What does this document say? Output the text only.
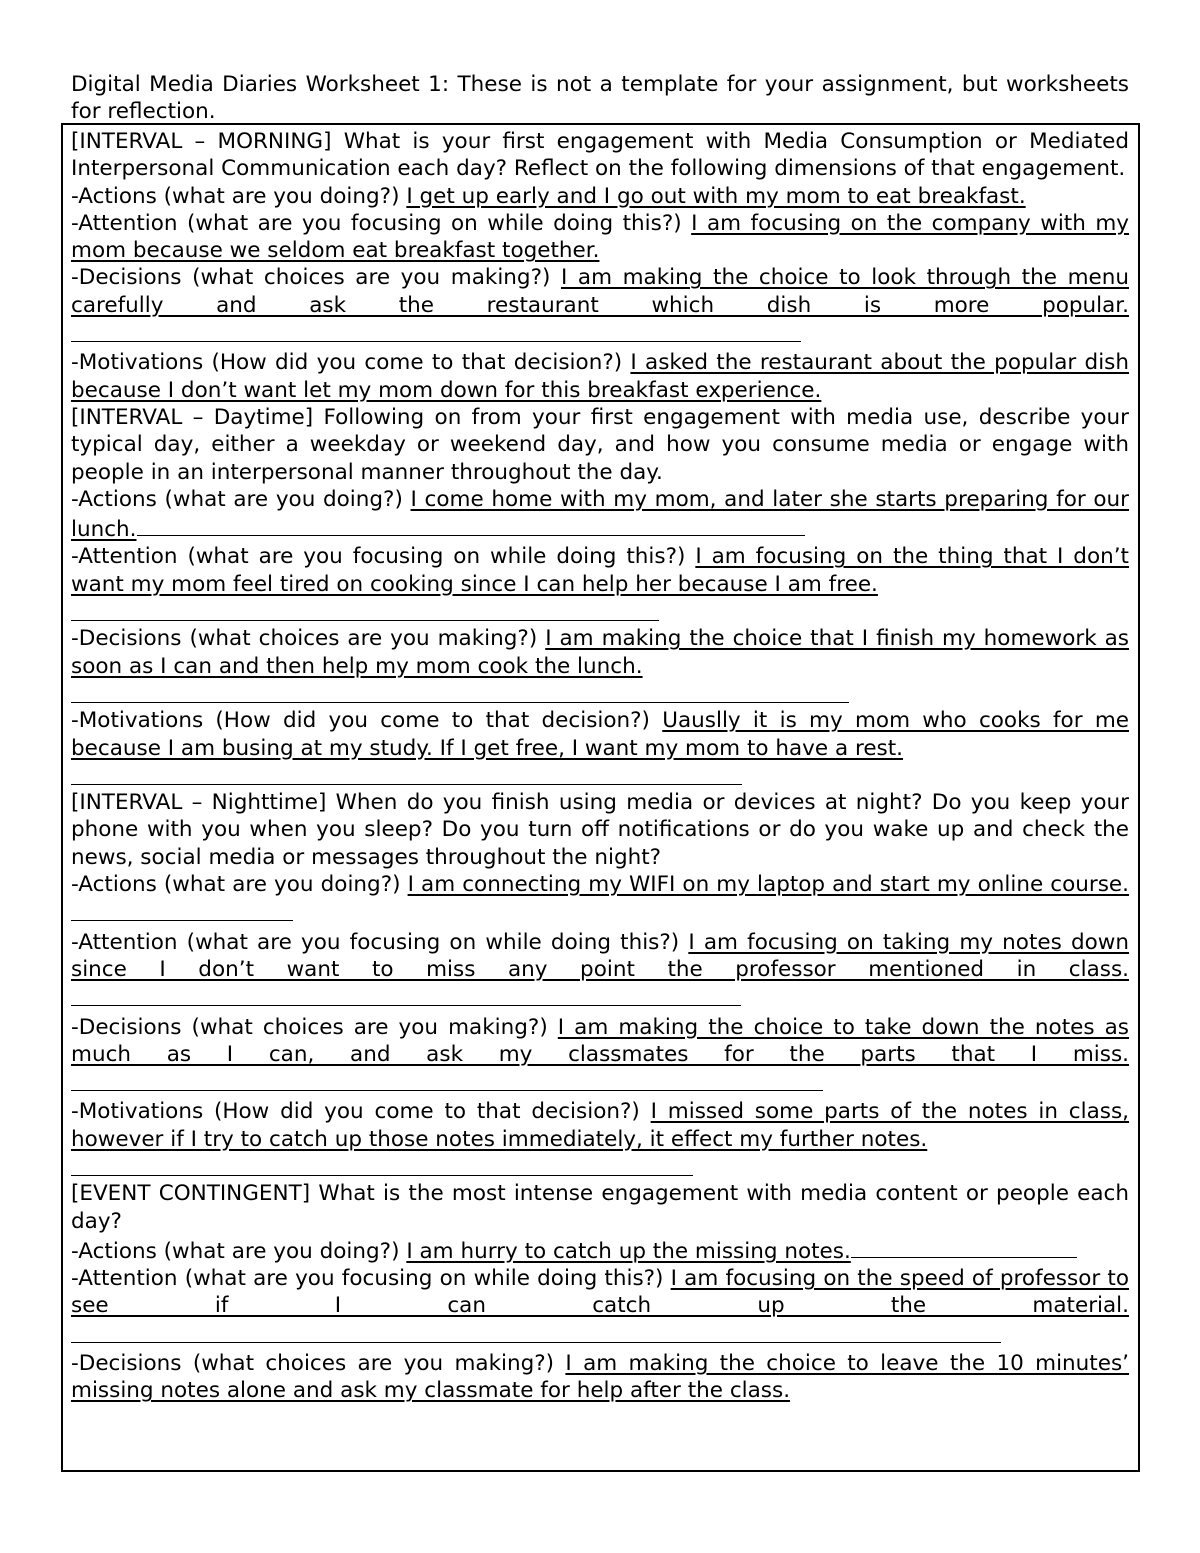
Digital Media Diaries Worksheet 1: These is not a template for your assignment, but worksheets for reflection.

[INTERVAL – MORNING] What is your first engagement with Media Consumption or Mediated Interpersonal Communication each day? Reflect on the following dimensions of that engagement.

-Actions (what are you doing?) I get up early and I go out with my mom to eat breakfast.

-Attention (what are you focusing on while doing this?) I am focusing on the company with my mom because we seldom eat breakfast together.

-Decisions (what choices are you making?) I am making the choice to look through the menu carefully and ask the restaurant which dish is more popular.

-Motivations (How did you come to that decision?) I asked the restaurant about the popular dish because I don’t want let my mom down for this breakfast experience.

[INTERVAL – Daytime] Following on from your first engagement with media use, describe your typical day, either a weekday or weekend day, and how you consume media or engage with people in an interpersonal manner throughout the day.

-Actions (what are you doing?) I come home with my mom, and later she starts preparing for our lunch.

-Attention (what are you focusing on while doing this?) I am focusing on the thing that I don’t want my mom feel tired on cooking since I can help her because I am free.

-Decisions (what choices are you making?) I am making the choice that I finish my homework as soon as I can and then help my mom cook the lunch.

-Motivations (How did you come to that decision?) Uauslly it is my mom who cooks for me because I am busing at my study. If I get free, I want my mom to have a rest.

[INTERVAL – Nighttime] When do you finish using media or devices at night? Do you keep your phone with you when you sleep? Do you turn off notifications or do you wake up and check the news, social media or messages throughout the night?

-Actions (what are you doing?) I am connecting my WIFI on my laptop and start my online course.

-Attention (what are you focusing on while doing this?) I am focusing on taking my notes down since I don’t want to miss any point the professor mentioned in class.

-Decisions (what choices are you making?) I am making the choice to take down the notes as much as I can, and ask my classmates for the parts that I miss.

-Motivations (How did you come to that decision?) I missed some parts of the notes in class, however if I try to catch up those notes immediately, it effect my further notes.

[EVENT CONTINGENT] What is the most intense engagement with media content or people each day?

-Actions (what are you doing?) I am hurry to catch up the missing notes.

-Attention (what are you focusing on while doing this?) I am focusing on the speed of professor to see if I can catch up the material.

-Decisions (what choices are you making?) I am making the choice to leave the 10 minutes’ missing notes alone and ask my classmate for help after the class.
